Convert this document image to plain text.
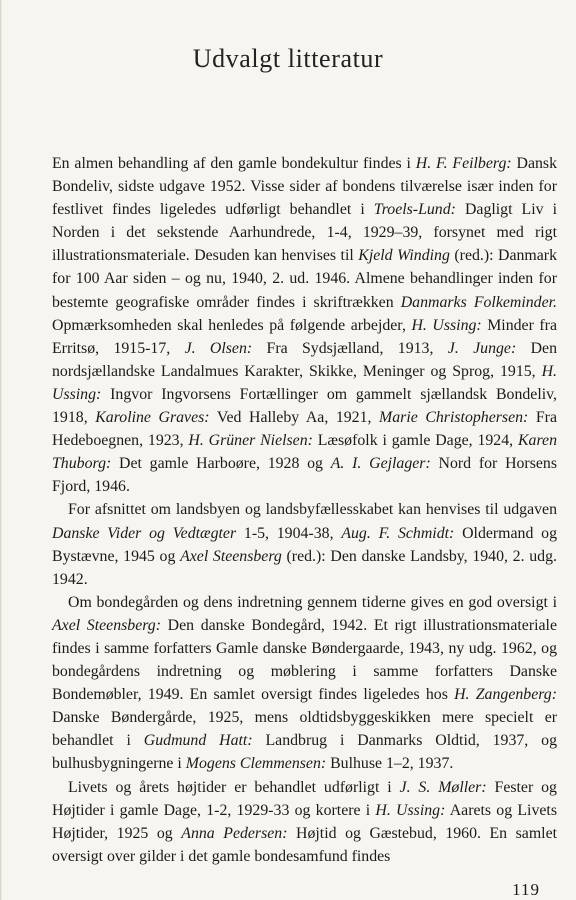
Udvalgt litteratur

En almen behandling af den gamle bondekultur findes i H. F. Feilberg: Dansk Bondeliv, sidste udgave 1952. Visse sider af bondens tilværelse især inden for festlivet findes ligeledes udførligt behandlet i Troels-Lund: Dagligt Liv i Norden i det sekstende Aarhundrede, 1-4, 1929–39, forsynet med rigt illustrationsmateriale. Desuden kan henvises til Kjeld Winding (red.): Danmark for 100 Aar siden – og nu, 1940, 2. ud. 1946. Almene behandlinger inden for bestemte geografiske områder findes i skriftrækken Danmarks Folkeminder. Opmærksomheden skal henledes på følgende arbejder, H. Ussing: Minder fra Erritsø, 1915-17, J. Olsen: Fra Sydsjælland, 1913, J. Junge: Den nordsjællandske Landalmues Karakter, Skikke, Meninger og Sprog, 1915, H. Ussing: Ingvor Ingvorsens Fortællinger om gammelt sjællandsk Bondeliv, 1918, Karoline Graves: Ved Halleby Aa, 1921, Marie Christophersen: Fra Hedeboegnen, 1923, H. Grüner Nielsen: Læsøfolk i gamle Dage, 1924, Karen Thuborg: Det gamle Harboøre, 1928 og A. I. Gejlager: Nord for Horsens Fjord, 1946.

For afsnittet om landsbyen og landsbyfællesskabet kan henvises til udgaven Danske Vider og Vedtægter 1-5, 1904-38, Aug. F. Schmidt: Oldermand og Bystævne, 1945 og Axel Steensberg (red.): Den danske Landsby, 1940, 2. udg. 1942.

Om bondegården og dens indretning gennem tiderne gives en god oversigt i Axel Steensberg: Den danske Bondegård, 1942. Et rigt illustrationsmateriale findes i samme forfatters Gamle danske Bøndergaarde, 1943, ny udg. 1962, og bondegårdens indretning og møblering i samme forfatters Danske Bondemøbler, 1949. En samlet oversigt findes ligeledes hos H. Zangenberg: Danske Bøndergårde, 1925, mens oldtidsbyggeskikken mere specielt er behandlet i Gudmund Hatt: Landbrug i Danmarks Oldtid, 1937, og bulhusbygningerne i Mogens Clemmensen: Bulhuse 1–2, 1937.

Livets og årets højtider er behandlet udførligt i J. S. Møller: Fester og Højtider i gamle Dage, 1-2, 1929-33 og kortere i H. Ussing: Aarets og Livets Højtider, 1925 og Anna Pedersen: Højtid og Gæstebud, 1960. En samlet oversigt over gilder i det gamle bondesamfund findes

119
